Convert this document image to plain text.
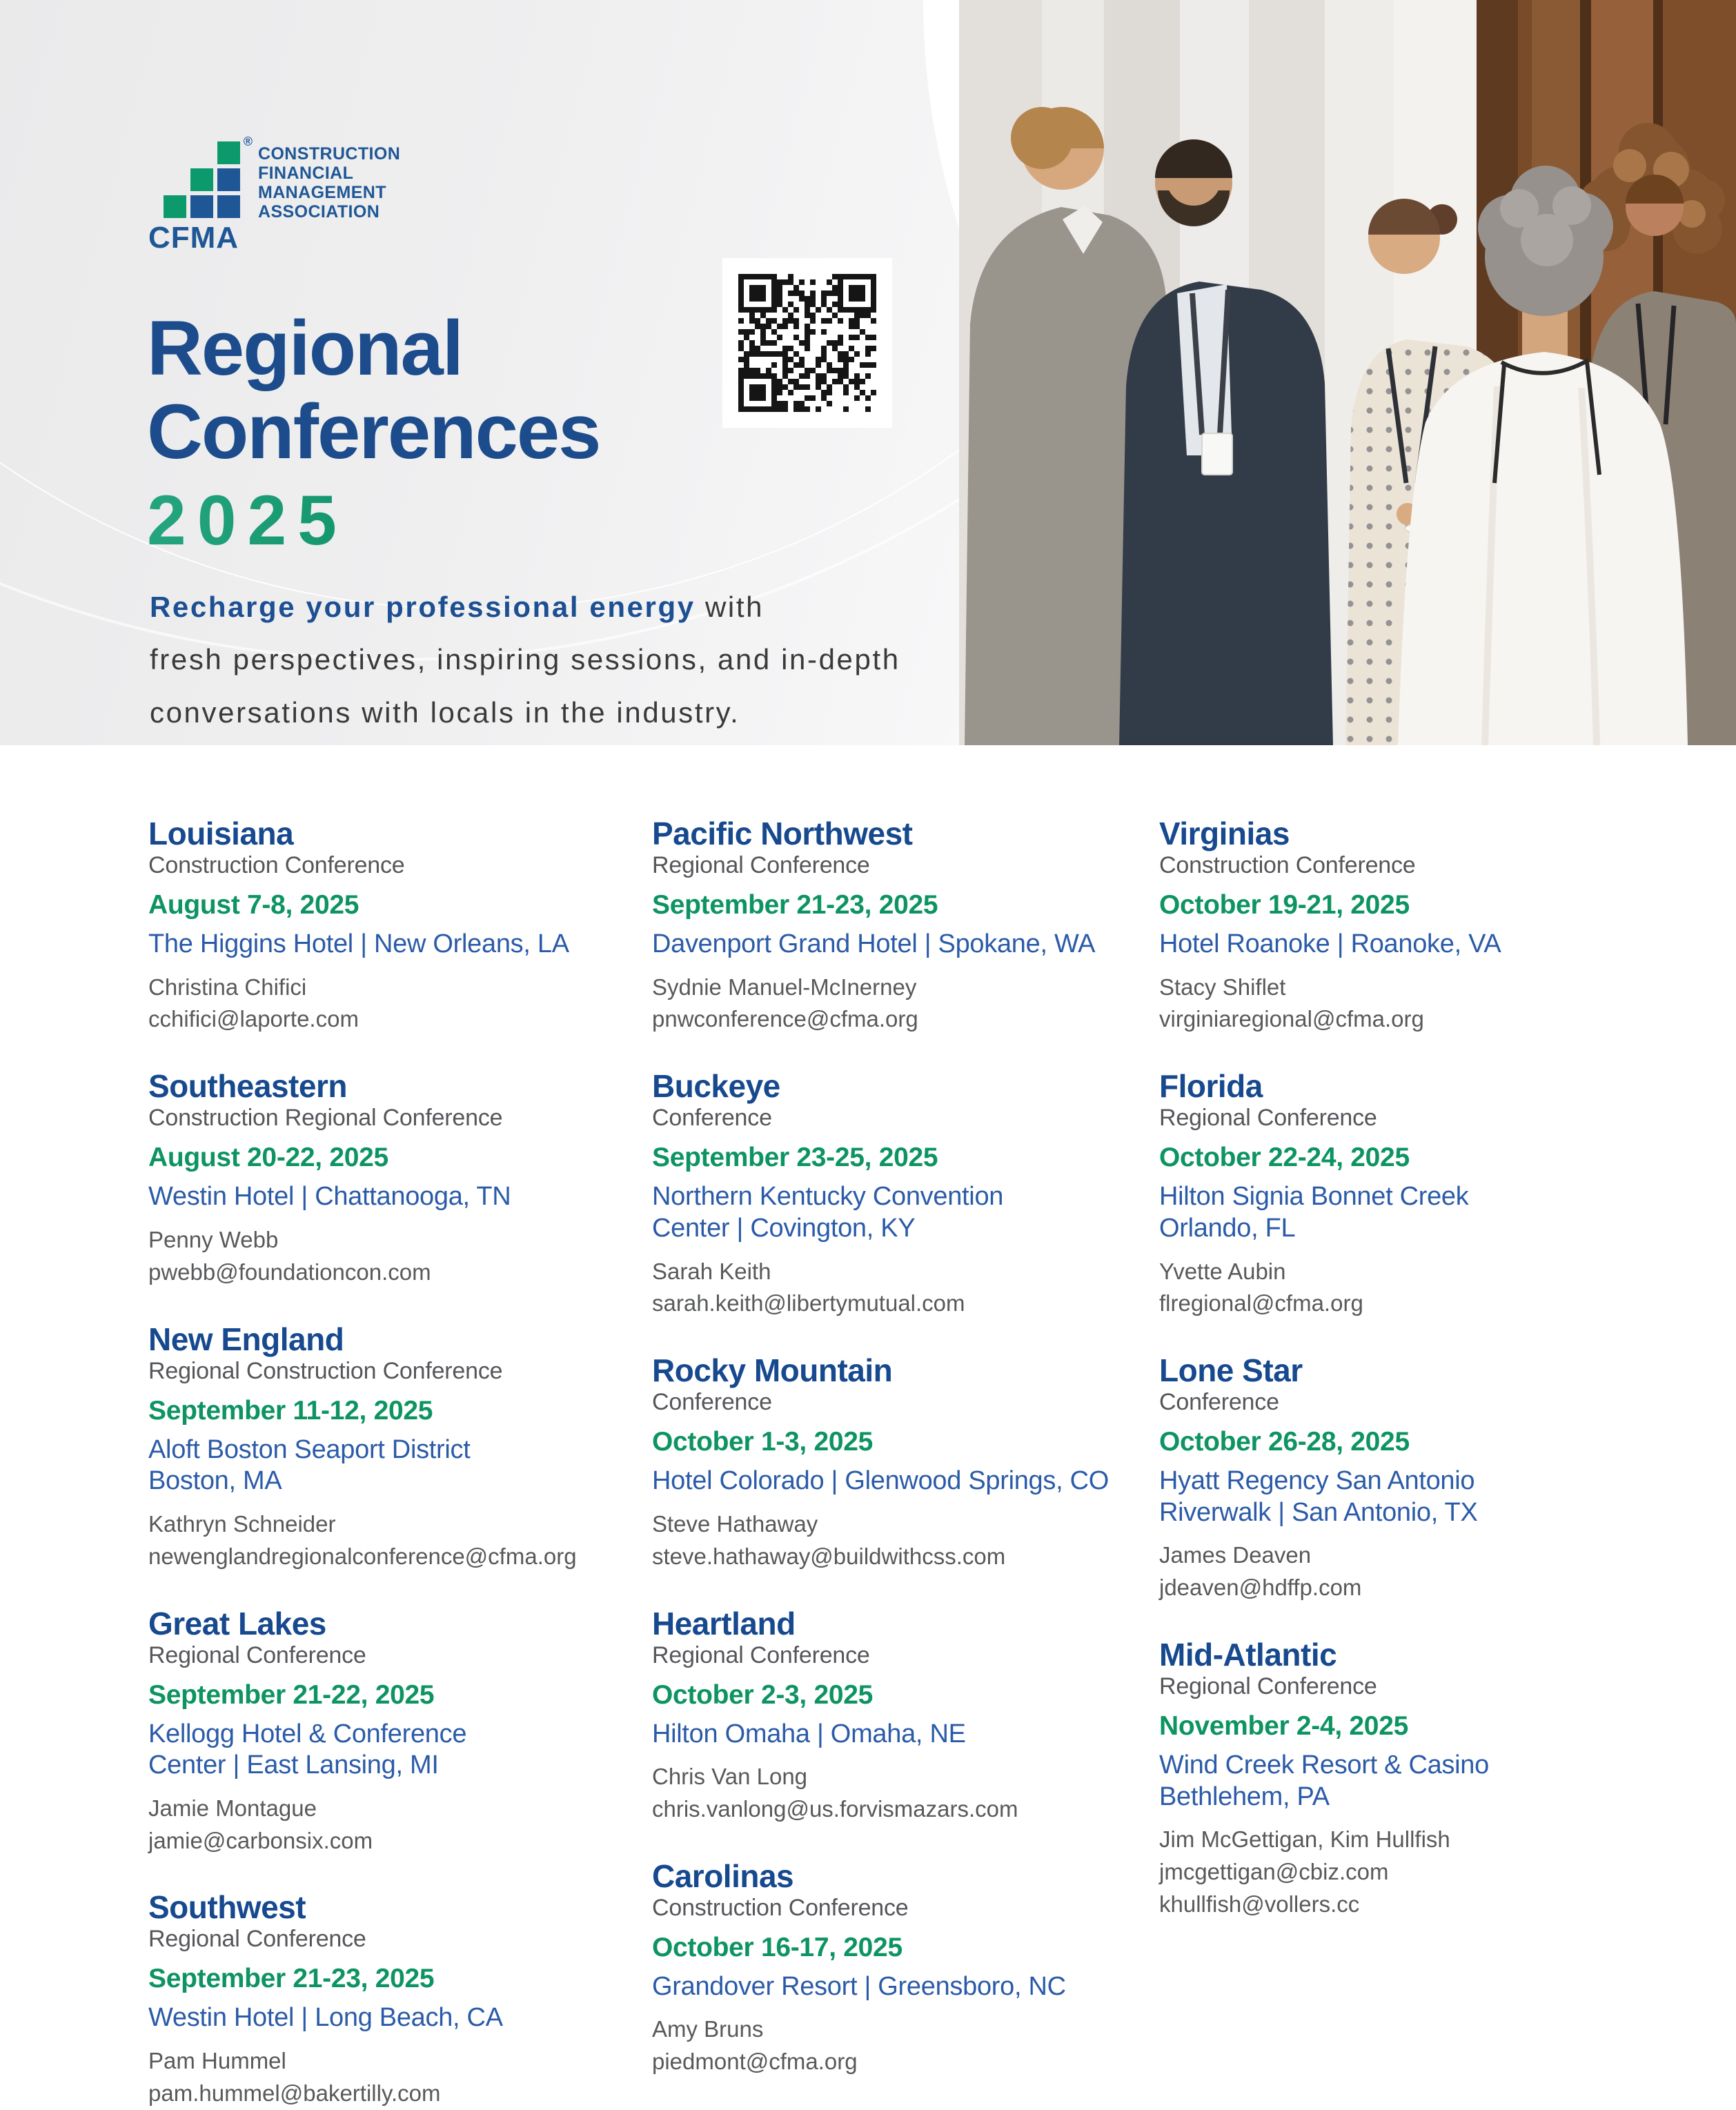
®
CFMA
CONSTRUCTION
FINANCIAL
MANAGEMENT
ASSOCIATION
Regional
Conferences
2025

Recharge your professional energy with
fresh perspectives, inspiring sessions, and in-depth
conversations with locals in the industry.

Louisiana
Construction Conference
August 7-8, 2025
The Higgins Hotel | New Orleans, LA
Christina Chifici
cchifici@laporte.com
Southeastern
Construction Regional Conference
August 20-22, 2025
Westin Hotel | Chattanooga, TN
Penny Webb
pwebb@foundationcon.com
New England
Regional Construction Conference
September 11-12, 2025
Aloft Boston Seaport District
Boston, MA
Kathryn Schneider
newenglandregionalconference@cfma.org
Great Lakes
Regional Conference
September 21-22, 2025
Kellogg Hotel & Conference
Center | East Lansing, MI
Jamie Montague
jamie@carbonsix.com
Southwest
Regional Conference
September 21-23, 2025
Westin Hotel | Long Beach, CA
Pam Hummel
pam.hummel@bakertilly.com
Pacific Northwest
Regional Conference
September 21-23, 2025
Davenport Grand Hotel | Spokane, WA
Sydnie Manuel-McInerney
pnwconference@cfma.org
Buckeye
Conference
September 23-25, 2025
Northern Kentucky Convention
Center | Covington, KY
Sarah Keith
sarah.keith@libertymutual.com
Rocky Mountain
Conference
October 1-3, 2025
Hotel Colorado | Glenwood Springs, CO
Steve Hathaway
steve.hathaway@buildwithcss.com
Heartland
Regional Conference
October 2-3, 2025
Hilton Omaha | Omaha, NE
Chris Van Long
chris.vanlong@us.forvismazars.com
Carolinas
Construction Conference
October 16-17, 2025
Grandover Resort | Greensboro, NC
Amy Bruns
piedmont@cfma.org
Virginias
Construction Conference
October 19-21, 2025
Hotel Roanoke | Roanoke, VA
Stacy Shiflet
virginiaregional@cfma.org
Florida
Regional Conference
October 22-24, 2025
Hilton Signia Bonnet Creek
Orlando, FL
Yvette Aubin
flregional@cfma.org
Lone Star
Conference
October 26-28, 2025
Hyatt Regency San Antonio
Riverwalk | San Antonio, TX
James Deaven
jdeaven@hdffp.com
Mid-Atlantic
Regional Conference
November 2-4, 2025
Wind Creek Resort & Casino
Bethlehem, PA
Jim McGettigan, Kim Hullfish
jmcgettigan@cbiz.com
khullfish@vollers.cc
